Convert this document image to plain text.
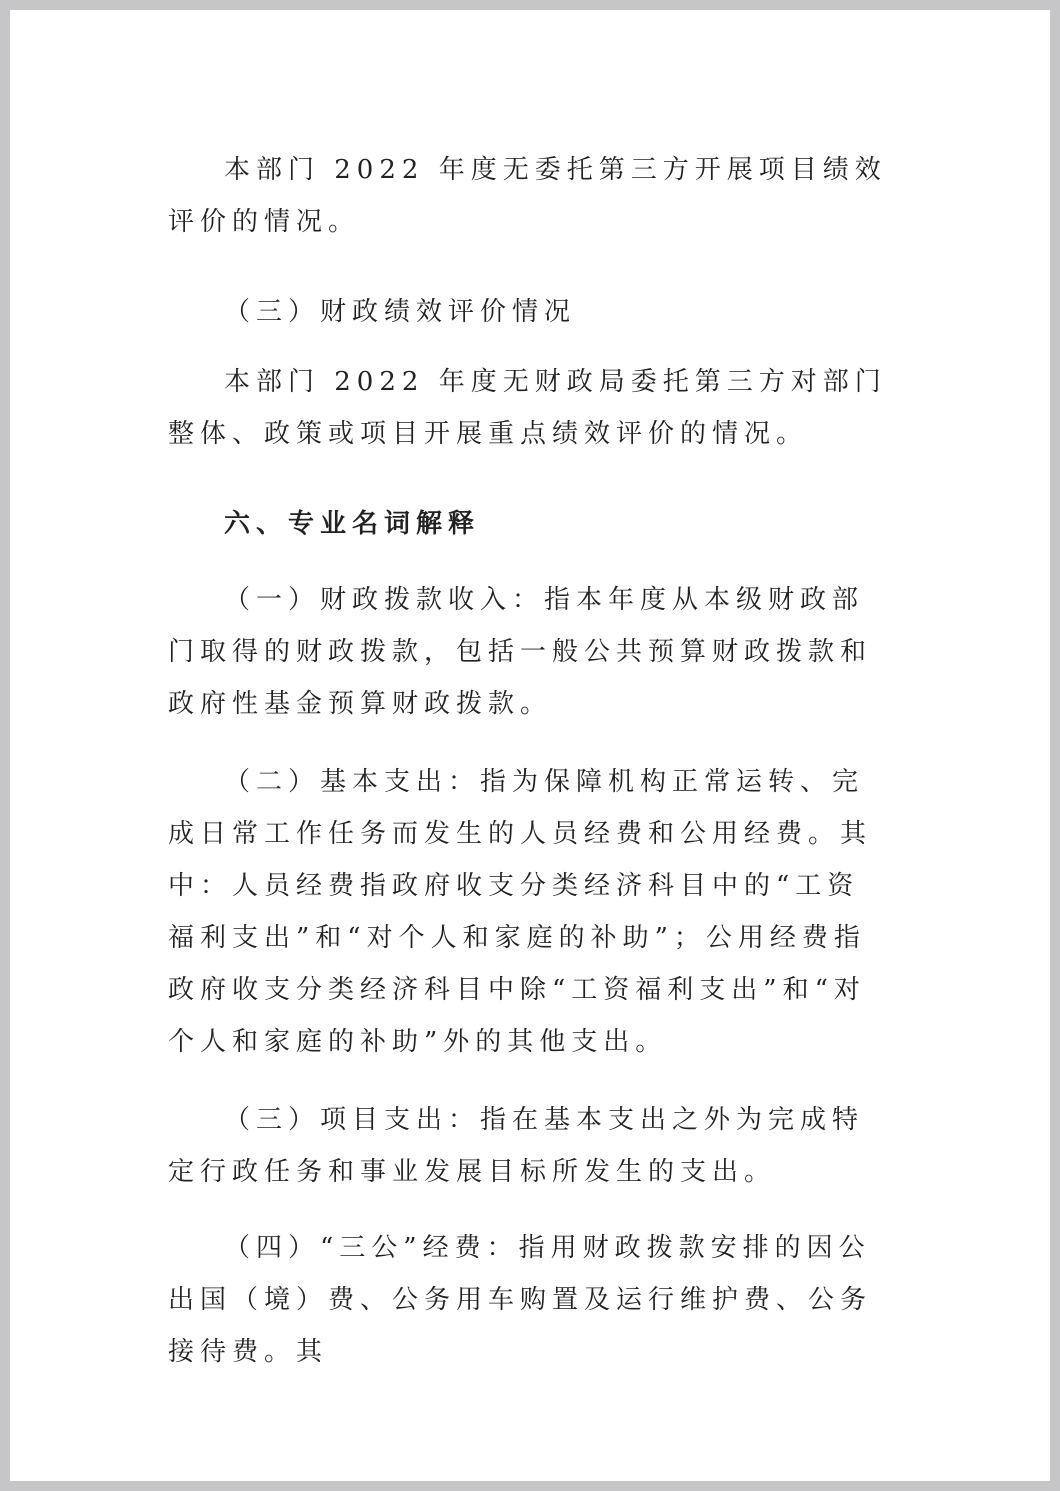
本部门 2022 年度无委托第三方开展项目绩效评价的情况。

（三）财政绩效评价情况

本部门 2022 年度无财政局委托第三方对部门整体、政策或项目开展重点绩效评价的情况。

六、专业名词解释

（一）财政拨款收入：指本年度从本级财政部门取得的财政拨款，包括一般公共预算财政拨款和政府性基金预算财政拨款。

（二）基本支出：指为保障机构正常运转、完成日常工作任务而发生的人员经费和公用经费。其中：人员经费指政府收支分类经济科目中的“工资福利支出”和“对个人和家庭的补助”；公用经费指政府收支分类经济科目中除“工资福利支出”和“对个人和家庭的补助”外的其他支出。

（三）项目支出：指在基本支出之外为完成特定行政任务和事业发展目标所发生的支出。

（四）“三公”经费：指用财政拨款安排的因公出国（境）费、公务用车购置及运行维护费、公务接待费。其
